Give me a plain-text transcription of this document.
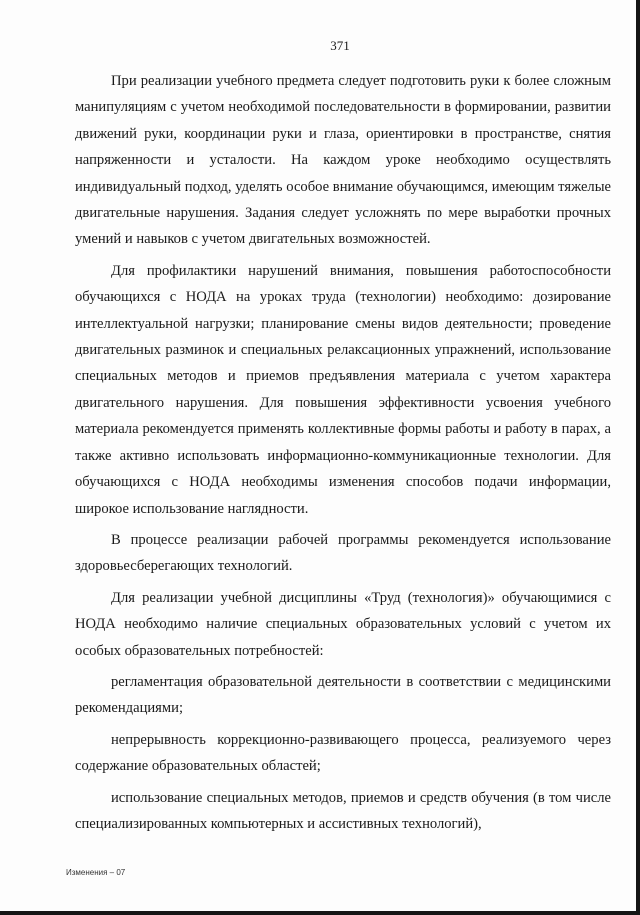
371

При реализации учебного предмета следует подготовить руки к более сложным манипуляциям с учетом необходимой последовательности в формировании, развитии движений руки, координации руки и глаза, ориентировки в пространстве, снятия напряженности и усталости. На каждом уроке необходимо осуществлять индивидуальный подход, уделять особое внимание обучающимся, имеющим тяжелые двигательные нарушения. Задания следует усложнять по мере выработки прочных умений и навыков с учетом двигательных возможностей.

Для профилактики нарушений внимания, повышения работоспособности обучающихся с НОДА на уроках труда (технологии) необходимо: дозирование интеллектуальной нагрузки; планирование смены видов деятельности; проведение двигательных разминок и специальных релаксационных упражнений, использование специальных методов и приемов предъявления материала с учетом характера двигательного нарушения. Для повышения эффективности усвоения учебного материала рекомендуется применять коллективные формы работы и работу в парах, а также активно использовать информационно-коммуникационные технологии. Для обучающихся с НОДА необходимы изменения способов подачи информации, широкое использование наглядности.

В процессе реализации рабочей программы рекомендуется использование здоровьесберегающих технологий.

Для реализации учебной дисциплины «Труд (технология)» обучающимися с НОДА необходимо наличие специальных образовательных условий с учетом их особых образовательных потребностей:

регламентация образовательной деятельности в соответствии с медицинскими рекомендациями;

непрерывность коррекционно-развивающего процесса, реализуемого через содержание образовательных областей;

использование специальных методов, приемов и средств обучения (в том числе специализированных компьютерных и ассистивных технологий),

Изменения – 07
